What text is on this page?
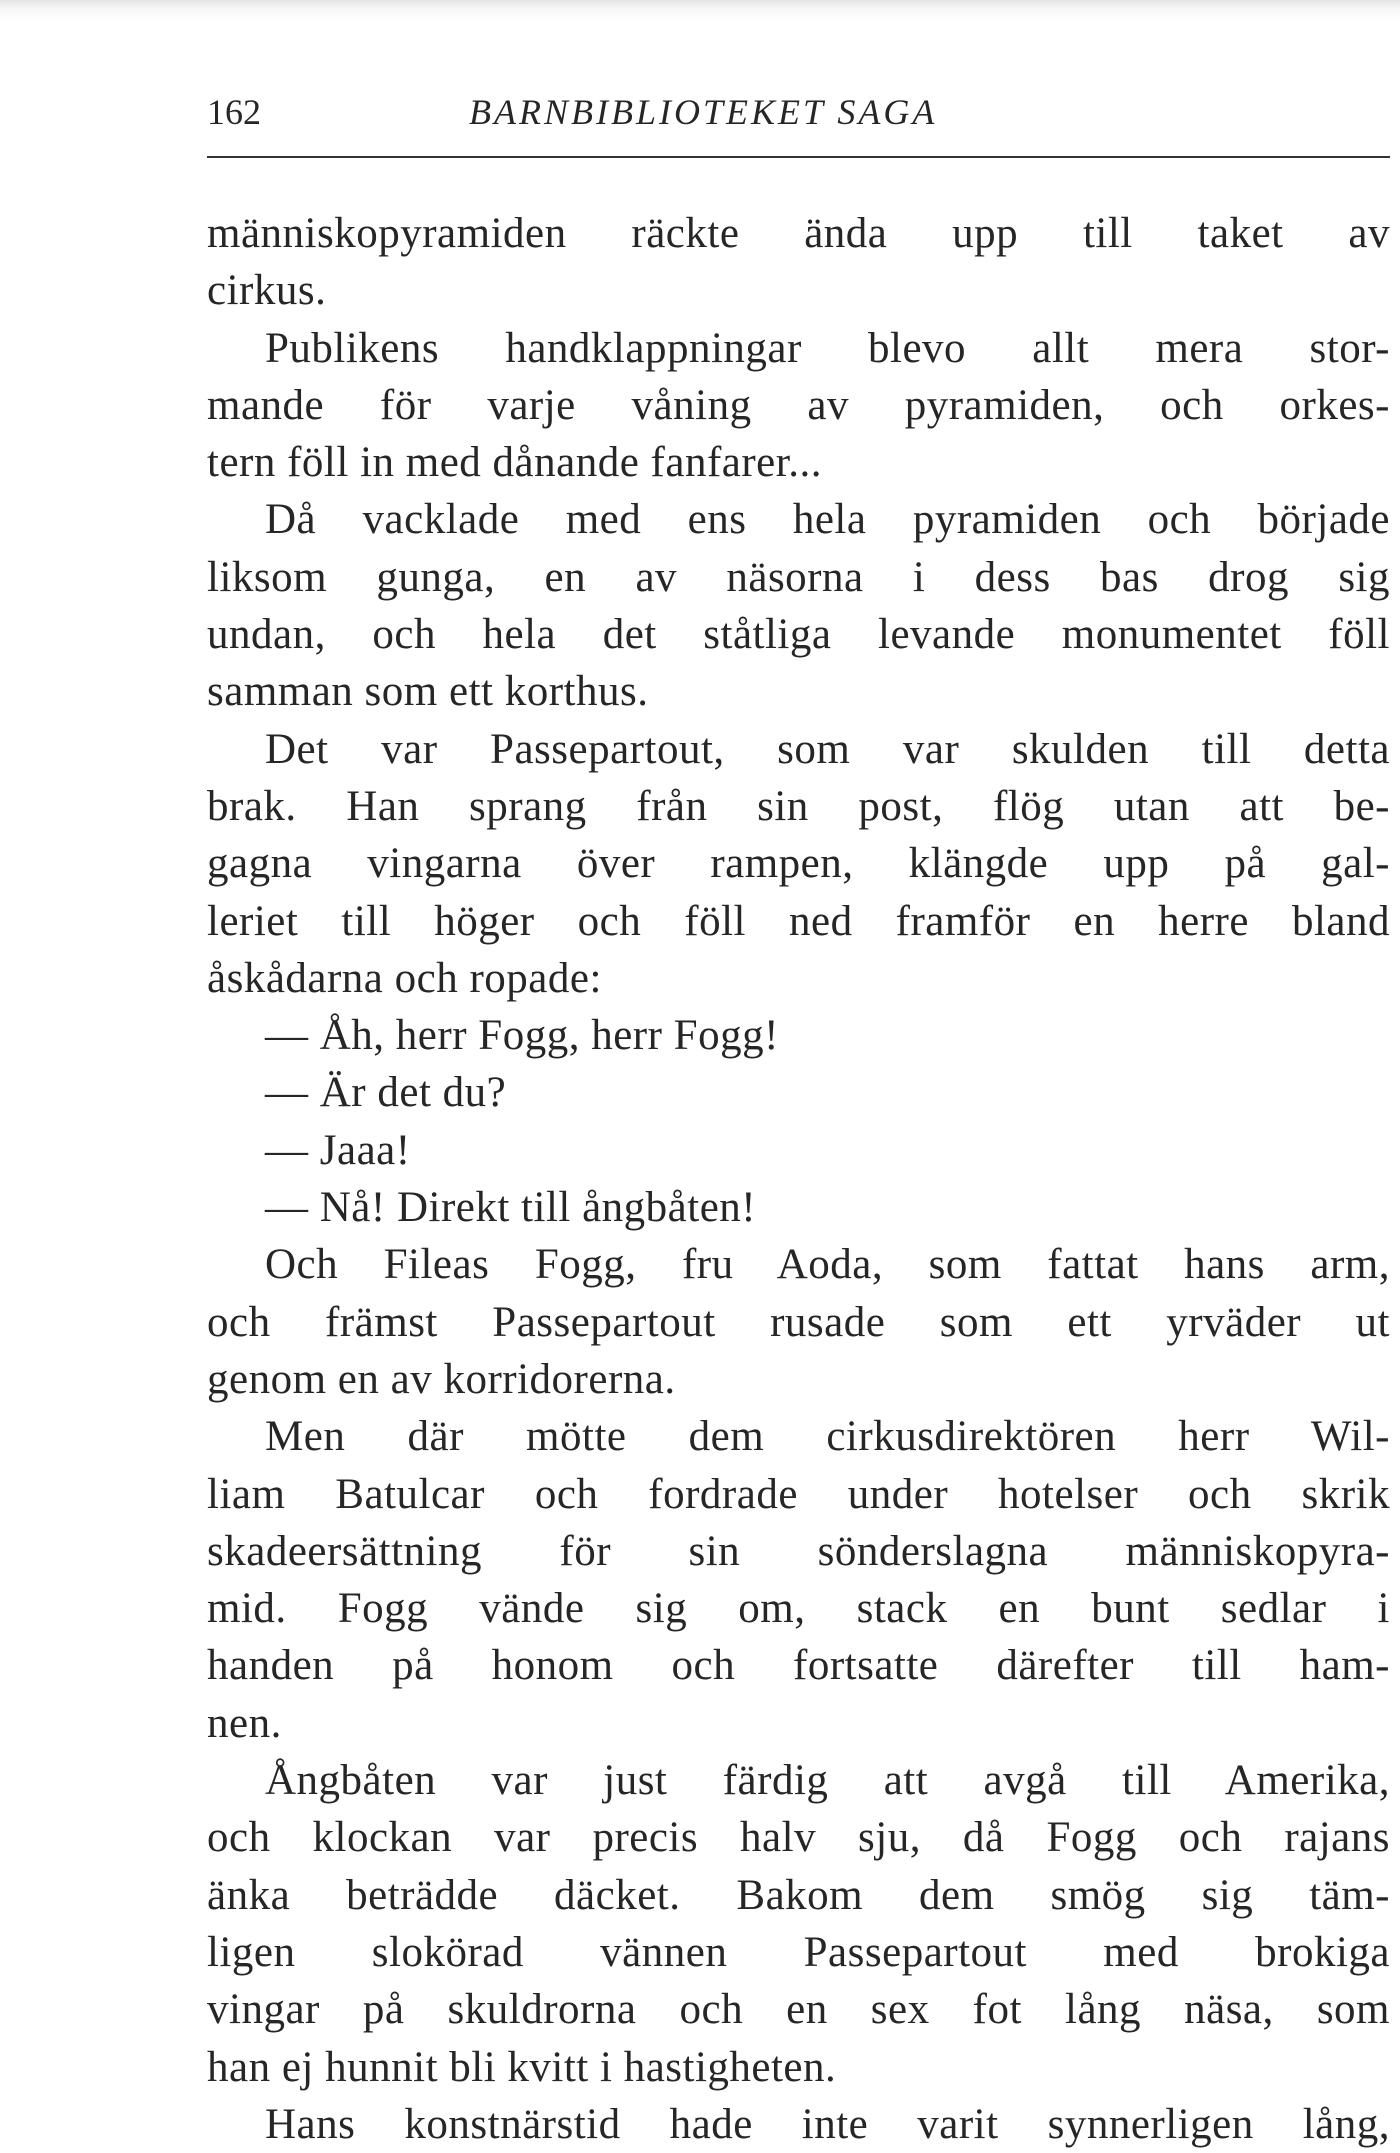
162	BARNBIBLIOTEKET SAGA
människopyramiden räckte ända upp till taket av
cirkus.
Publikens handklappningar blevo allt mera stor-
mande för varje våning av pyramiden, och orkes-
tern föll in med dånande fanfarer...
Då vacklade med ens hela pyramiden och började
liksom gunga, en av näsorna i dess bas drog sig
undan, och hela det ståtliga levande monumentet föll
samman som ett korthus.
Det var Passepartout, som var skulden till detta
brak. Han sprang från sin post, flög utan att be-
gagna vingarna över rampen, klängde upp på gal-
leriet till höger och föll ned framför en herre bland
åskådarna och ropade:
— Åh, herr Fogg, herr Fogg!
— Är det du?
— Jaaa!
— Nå! Direkt till ångbåten!
Och Fileas Fogg, fru Aoda, som fattat hans arm,
och främst Passepartout rusade som ett yrväder ut
genom en av korridorerna.
Men där mötte dem cirkusdirektören herr Wil-
liam Batulcar och fordrade under hotelser och skrik
skadeersättning för sin sönderslagna människopyra-
mid. Fogg vände sig om, stack en bunt sedlar i
handen på honom och fortsatte därefter till ham-
nen.
Ångbåten var just färdig att avgå till Amerika,
och klockan var precis halv sju, då Fogg och rajans
änka beträdde däcket. Bakom dem smög sig täm-
ligen slokörad vännen Passepartout med brokiga
vingar på skuldrorna och en sex fot lång näsa, som
han ej hunnit bli kvitt i hastigheten.
Hans konstnärstid hade inte varit synnerligen lång,
